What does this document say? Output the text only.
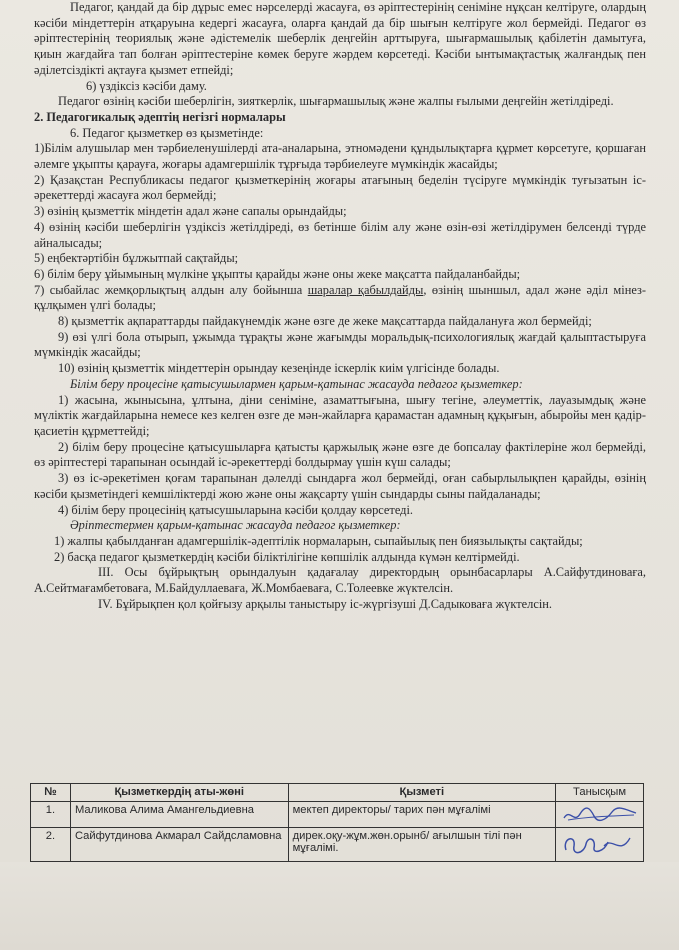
Педагог, қандай да бір дұрыс емес нәрселерді жасауға, өз әріптестерінің сеніміне нұқсан келтіруге, олардың кәсіби міндеттерін атқаруына кедергі жасауға, оларға қандай да бір шығын келтіруге жол бермейді. Педагог өз әріптестерінің теориялық және әдістемелік шеберлік деңгейін арттыруға, шығармашылық қабілетін дамытуға, қиын жағдайға тап болған әріптестеріне көмек беруге жәрдем көрсетеді. Кәсіби ынтымақтастық жалғандық пен әділетсіздікті ақтауға қызмет етпейді;

6) үздіксіз кәсіби даму.

Педагог өзінің кәсіби шеберлігін, зияткерлік, шығармашылық және жалпы ғылыми деңгейін жетілдіреді.

2. Педагогикалық әдептің негізгі нормалары

6. Педагог қызметкер өз қызметінде:

1)Білім алушылар мен тәрбиеленушілерді ата-аналарына, этномәдени құндылықтарға құрмет көрсетуге, қоршаған әлемге ұқыпты қарауға, жоғары адамгершілік тұрғыда тәрбиелеуге мүмкіндік жасайды;

2) Қазақстан Республикасы педагог қызметкерінің жоғары атағының беделін түсіруге мүмкіндік туғызатын іс-әрекеттерді жасауға жол бермейді;

3) өзінің қызметтік міндетін адал және сапалы орындайды;

4) өзінің кәсіби шеберлігін үздіксіз жетілдіреді, өз бетінше білім алу және өзін-өзі жетілдірумен белсенді түрде айналысады;

5) еңбектәртібін бұлжытпай сақтайды;

6) білім беру ұйымының мүлкіне ұқыпты қарайды және оны жеке мақсатта пайдаланбайды;

7) сыбайлас жемқорлықтың алдын алу бойынша шаралар қабылдайды, өзінің шыншыл, адал және әділ мінез-құлқымен үлгі болады;

8) қызметтік ақпараттарды пайдакүнемдік және өзге де жеке мақсаттарда пайдалануға жол бермейді;

9) өзі үлгі бола отырып, ұжымда тұрақты және жағымды моральдық-психологиялық жағдай қалыптастыруға мүмкіндік жасайды;

10) өзінің қызметтік міндеттерін орындау кезеңінде іскерлік киім үлгісінде болады.

Білім беру процесіне қатысушылармен қарым-қатынас жасауда педагог қызметкер:

1) жасына, жынысына, ұлтына, діни сеніміне, азаматтығына, шығу тегіне, әлеуметтік, лауазымдық және мүліктік жағдайларына немесе кез келген өзге де мән-жайларға қарамастан адамның құқығын, абыройы мен қадір-қасиетін құрметтейді;

2) білім беру процесіне қатысушыларға қатысты қаржылық және өзге де бопсалау фактілеріне жол бермейді, өз әріптестері тарапынан осындай іс-әрекеттерді болдырмау үшін күш салады;

3) өз іс-әрекетімен қоғам тарапынан дәлелді сындарға жол бермейді, оған сабырлылықпен қарайды, өзінің кәсіби қызметіндегі кемшіліктерді жою және оны жақсарту үшін сындарды сыны пайдаланады;

4) білім беру процесінің қатысушыларына кәсіби қолдау көрсетеді.

Әріптестермен қарым-қатынас жасауда педагог қызметкер:

1) жалпы қабылданған адамгершілік-әдептілік нормаларын, сыпайылық пен биязылықты сақтайды;

2) басқа педагог қызметкердің кәсіби біліктілігіне көпшілік алдында күмән келтірмейді.

ІІІ. Осы бұйрықтың орындалуын қадағалау директордың орынбасарлары А.Сайфутдиноваға, А.Сейтмағамбетоваға, М.Байдуллаеваға, Ж.Момбаеваға, С.Толеевке жүктелсін.

ІV. Бұйрықпен қол қойғызу арқылы таныстыру іс-жүргізуші Д.Садыковаға жүктелсін.

№	Қызметкердің аты-жөні	Қызметі	Танысқым
1.	Маликова Алима Амангельдиевна	мектеп директоры/ тарих пән мұғалімі	

2.	Сайфутдинова Акмарал Сайдсламовна	дирек.оқу-жұм.жөн.орынб/ ағылшын тілі пән мұғалімі.	
